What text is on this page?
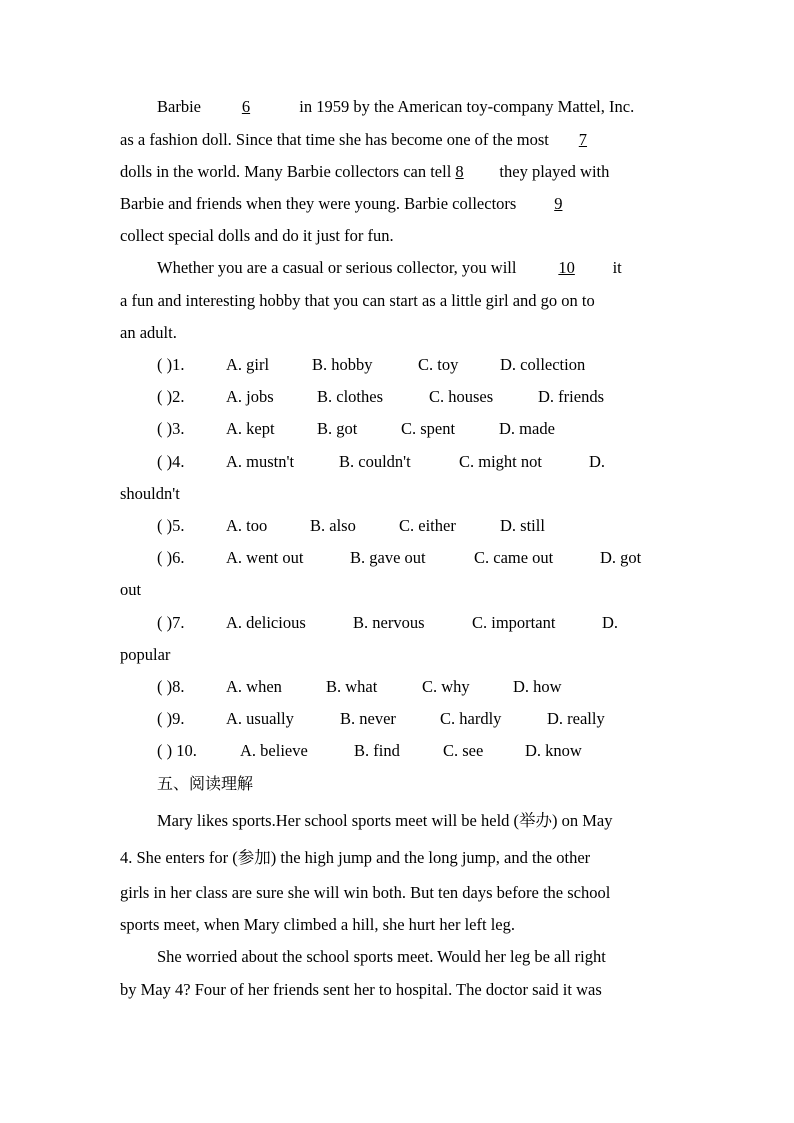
Barbie 6	in 1959 by the American toy-company Mattel, Inc.
as a fashion doll. Since that time she has become one of the most 7
dolls in the world. Many Barbie collectors can tell 8 they played with
Barbie and friends when they were young. Barbie collectors 9
collect special dolls and do it just for fun.
Whether you are a casual or serious collector, you will	10 it
a fun and interesting hobby that you can start as a little girl and go on to
an adult.
( )1.	A. girl	B. hobby	C. toy	D. collection
( )2.	A. jobs	B. clothes	C. houses	D. friends
( )3.	A. kept	B. got	C. spent	D. made
( )4.	A. mustn't	B. couldn't	C. might not	D.
shouldn't
( )5.	A. too	B. also	C. either	D. still
( )6.	A. went out	B. gave out	C. came out	D. got
out
( )7.	A. delicious	B. nervous	C. important	D.
popular
( )8.	A. when	B. what	C. why	D. how
( )9.	A. usually	B. never	C. hardly	D. really
( ) 10.	A. believe	B. find	C. see	D. know
五、阅读理解
Mary likes sports.Her school sports meet will be held (举办) on May
4. She enters for (参加) the high jump and the long jump, and the other
girls in her class are sure she will win both. But ten days before the school
sports meet, when Mary climbed a hill, she hurt her left leg.
She worried about the school sports meet. Would her leg be all right
by May 4? Four of her friends sent her to hospital. The doctor said it was
